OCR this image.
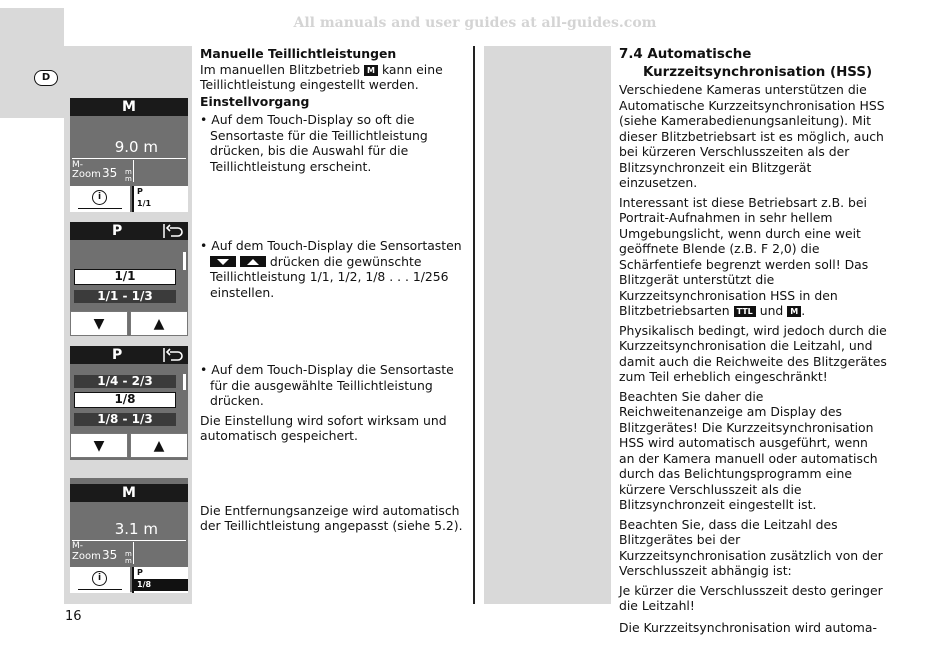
All manuals and user guides at all-guides.com
D
M
9.0 m
M-
Zoom 35 m m
i
P
1/1
P
1/1
1/1 - 1/3
▼	▲
P
1/4 - 2/3
1/8
1/8 - 1/3
▼	▲
M
3.1 m
M-
Zoom 35 m m
i
P
1/8

Manuelle Teillichtleistungen

Im manuellen Blitzbetrieb M kann eine Teillichtleistung eingestellt werden.

Einstellvorgang

• Auf dem Touch-Display so oft die Sensortaste für die Teillichtleistung drücken, bis die Auswahl für die Teillichtleistung erscheint.

• Auf dem Touch-Display die Sensortasten

drücken die gewünschte Teillichtleistung 1/1, 1/2, 1/8 . . . 1/256 einstellen.

• Auf dem Touch-Display die Sensortaste für die ausgewählte Teillichtleistung drücken.

Die Einstellung wird sofort wirksam und automatisch gespeichert.

Die Entfernungsanzeige wird automatisch der Teillichtleistung angepasst (siehe 5.2).

7.4 Automatische

Kurzzeitsynchronisation (HSS)

Verschiedene Kameras unterstützen die Automatische Kurzzeitsynchronisation HSS (siehe Kamerabedienungsanleitung). Mit dieser Blitzbetriebsart ist es möglich, auch bei kürzeren Verschlusszeiten als der Blitzsynchronzeit ein Blitzgerät einzusetzen.

Interessant ist diese Betriebsart z.B. bei Portrait-Aufnahmen in sehr hellem Umgebungslicht, wenn durch eine weit geöffnete Blende (z.B. F 2,0) die Schärfentiefe begrenzt werden soll! Das Blitzgerät unterstützt die Kurzzeitsynchronisation HSS in den Blitzbetriebsarten TTL und M .

Physikalisch bedingt, wird jedoch durch die Kurzzeitsynchronisation die Leitzahl, und damit auch die Reichweite des Blitzgerätes zum Teil erheblich eingeschränkt!

Beachten Sie daher die Reichweitenanzeige am Display des Blitzgerätes! Die Kurzzeitsynchronisation HSS wird automatisch ausgeführt, wenn an der Kamera manuell oder automatisch durch das Belichtungsprogramm eine kürzere Verschlusszeit als die Blitzsynchronzeit eingestellt ist.

Beachten Sie, dass die Leitzahl des Blitzgerätes bei der Kurzzeitsynchronisation zusätzlich von der Verschlusszeit abhängig ist:

Je kürzer die Verschlusszeit desto geringer die Leitzahl!

Die Kurzzeitsynchronisation wird automa-

16
